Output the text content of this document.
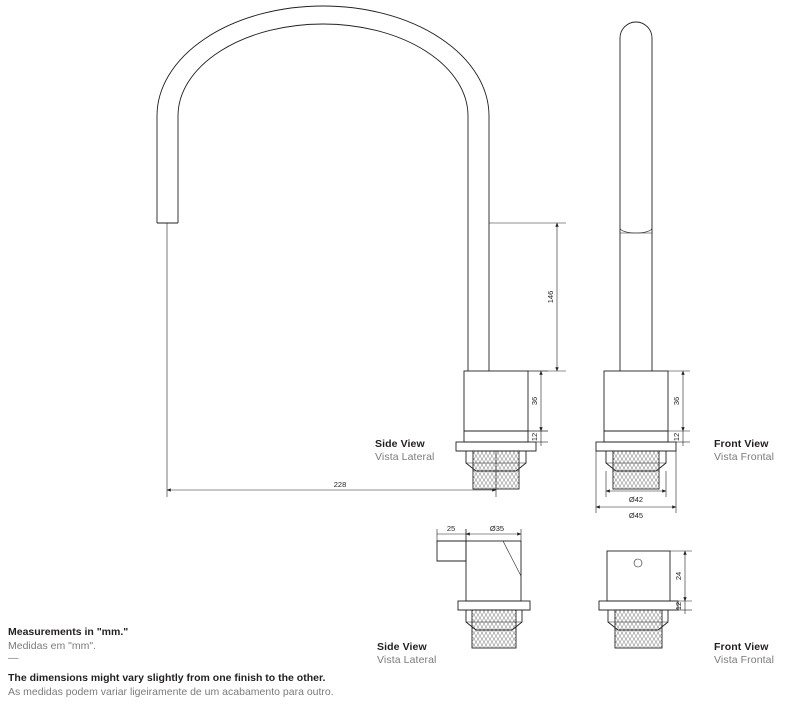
146
36
12
228
36
12
Ø42
Ø45
25	Ø35
24
12
Side View
Vista Lateral
Front View
Vista Frontal
Side View
Vista Lateral
Front View
Vista Frontal
Measurements in "mm."
Medidas em "mm".
—
The dimensions might vary slightly from one finish to the other.
As medidas podem variar ligeiramente de um acabamento para outro.
